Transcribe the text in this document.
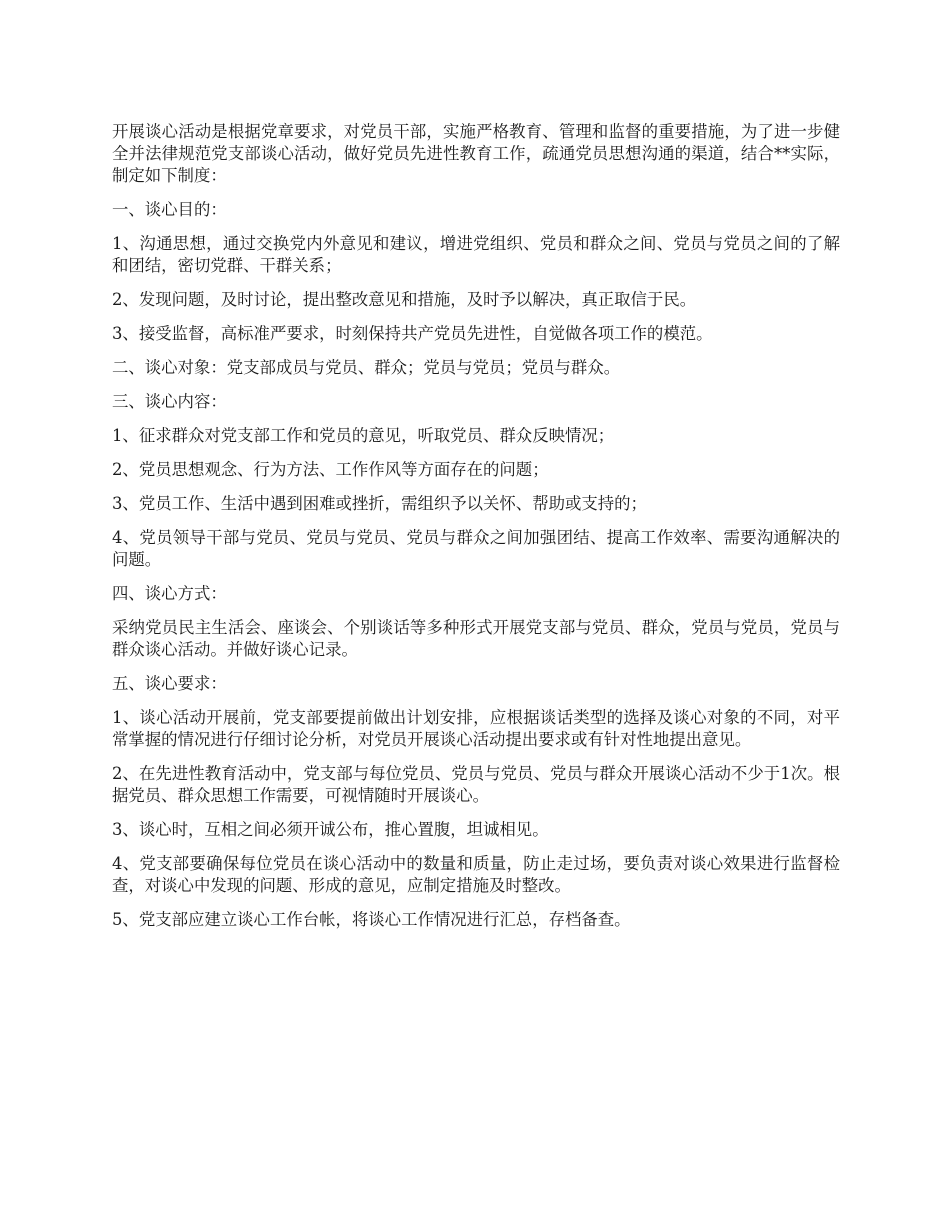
开展谈心活动是根据党章要求，对党员干部，实施严格教育、管理和监督的重要措施，为了进一步健全并法律规范党支部谈心活动，做好党员先进性教育工作，疏通党员思想沟通的渠道，结合**实际，制定如下制度：

一、谈心目的：

1、沟通思想，通过交换党内外意见和建议，增进党组织、党员和群众之间、党员与党员之间的了解和团结，密切党群、干群关系；

2、发现问题，及时讨论，提出整改意见和措施，及时予以解决，真正取信于民。

3、接受监督，高标准严要求，时刻保持共产党员先进性，自觉做各项工作的模范。

二、谈心对象：党支部成员与党员、群众；党员与党员；党员与群众。

三、谈心内容：

1、征求群众对党支部工作和党员的意见，听取党员、群众反映情况；

2、党员思想观念、行为方法、工作作风等方面存在的问题；

3、党员工作、生活中遇到困难或挫折，需组织予以关怀、帮助或支持的；

4、党员领导干部与党员、党员与党员、党员与群众之间加强团结、提高工作效率、需要沟通解决的问题。

四、谈心方式：

采纳党员民主生活会、座谈会、个别谈话等多种形式开展党支部与党员、群众，党员与党员，党员与群众谈心活动。并做好谈心记录。

五、谈心要求：

1、谈心活动开展前，党支部要提前做出计划安排，应根据谈话类型的选择及谈心对象的不同，对平常掌握的情况进行仔细讨论分析，对党员开展谈心活动提出要求或有针对性地提出意见。

2、在先进性教育活动中，党支部与每位党员、党员与党员、党员与群众开展谈心活动不少于1次。根据党员、群众思想工作需要，可视情随时开展谈心。

3、谈心时，互相之间必须开诚公布，推心置腹，坦诚相见。

4、党支部要确保每位党员在谈心活动中的数量和质量，防止走过场，要负责对谈心效果进行监督检查，对谈心中发现的问题、形成的意见，应制定措施及时整改。

5、党支部应建立谈心工作台帐，将谈心工作情况进行汇总，存档备查。
